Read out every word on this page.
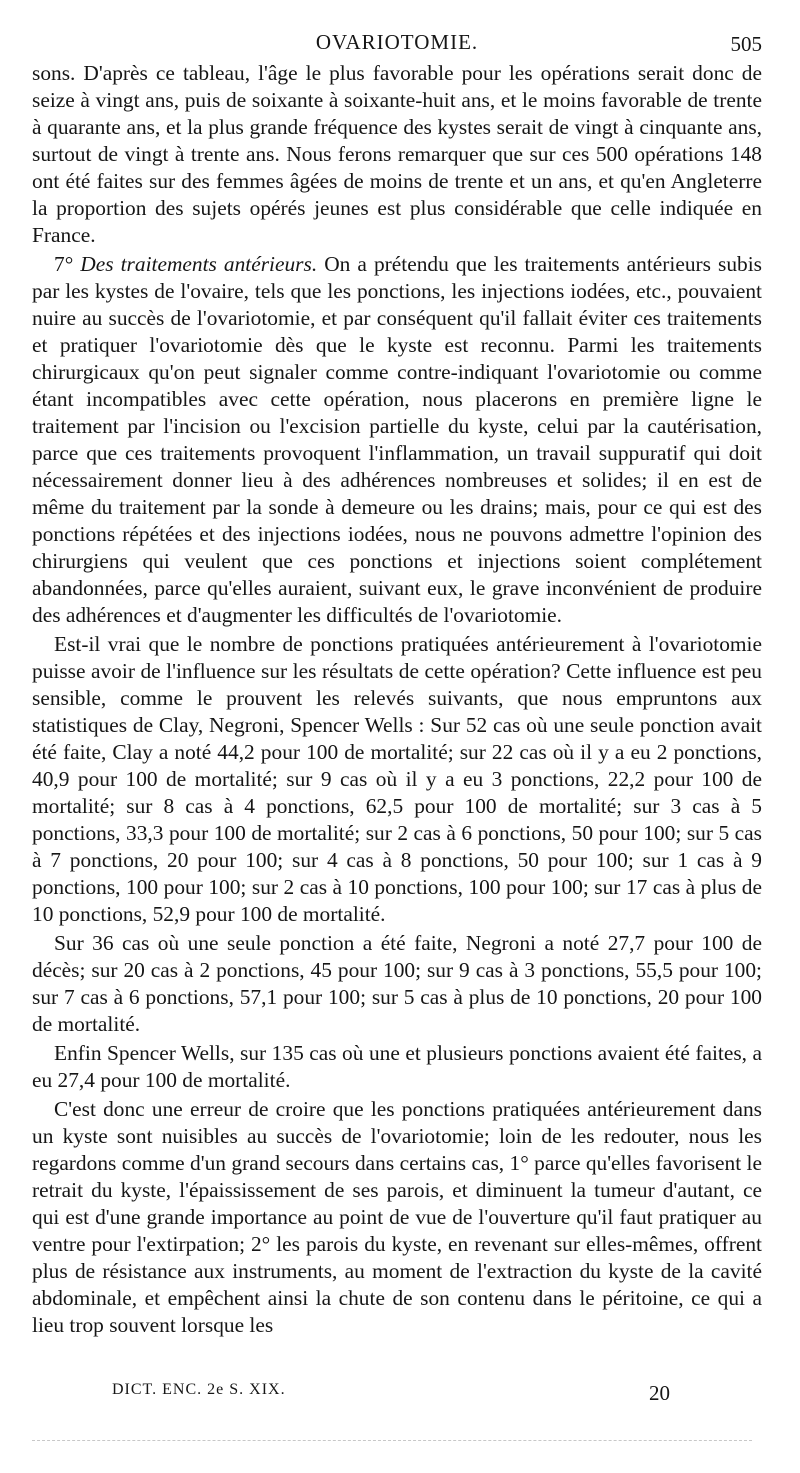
OVARIOTOMIE.	505

sons. D'après ce tableau, l'âge le plus favorable pour les opérations serait donc de seize à vingt ans, puis de soixante à soixante-huit ans, et le moins favorable de trente à quarante ans, et la plus grande fréquence des kystes serait de vingt à cinquante ans, surtout de vingt à trente ans. Nous ferons remarquer que sur ces 500 opérations 148 ont été faites sur des femmes âgées de moins de trente et un ans, et qu'en Angleterre la proportion des sujets opérés jeunes est plus considérable que celle indiquée en France.

7° Des traitements antérieurs. On a prétendu que les traitements antérieurs subis par les kystes de l'ovaire, tels que les ponctions, les injections iodées, etc., pouvaient nuire au succès de l'ovariotomie, et par conséquent qu'il fallait éviter ces traitements et pratiquer l'ovariotomie dès que le kyste est reconnu. Parmi les traitements chirurgicaux qu'on peut signaler comme contre-indiquant l'ovariotomie ou comme étant incompatibles avec cette opération, nous placerons en première ligne le traitement par l'incision ou l'excision partielle du kyste, celui par la cautérisation, parce que ces traitements provoquent l'inflammation, un travail suppuratif qui doit nécessairement donner lieu à des adhérences nombreuses et solides; il en est de même du traitement par la sonde à demeure ou les drains; mais, pour ce qui est des ponctions répétées et des injections iodées, nous ne pouvons admettre l'opinion des chirurgiens qui veulent que ces ponctions et injections soient complétement abandonnées, parce qu'elles auraient, suivant eux, le grave inconvénient de produire des adhérences et d'augmenter les difficultés de l'ovariotomie.

Est-il vrai que le nombre de ponctions pratiquées antérieurement à l'ovariotomie puisse avoir de l'influence sur les résultats de cette opération? Cette influence est peu sensible, comme le prouvent les relevés suivants, que nous empruntons aux statistiques de Clay, Negroni, Spencer Wells : Sur 52 cas où une seule ponction avait été faite, Clay a noté 44,2 pour 100 de mortalité; sur 22 cas où il y a eu 2 ponctions, 40,9 pour 100 de mortalité; sur 9 cas où il y a eu 3 ponctions, 22,2 pour 100 de mortalité; sur 8 cas à 4 ponctions, 62,5 pour 100 de mortalité; sur 3 cas à 5 ponctions, 33,3 pour 100 de mortalité; sur 2 cas à 6 ponctions, 50 pour 100; sur 5 cas à 7 ponctions, 20 pour 100; sur 4 cas à 8 ponctions, 50 pour 100; sur 1 cas à 9 ponctions, 100 pour 100; sur 2 cas à 10 ponctions, 100 pour 100; sur 17 cas à plus de 10 ponctions, 52,9 pour 100 de mortalité.

Sur 36 cas où une seule ponction a été faite, Negroni a noté 27,7 pour 100 de décès; sur 20 cas à 2 ponctions, 45 pour 100; sur 9 cas à 3 ponctions, 55,5 pour 100; sur 7 cas à 6 ponctions, 57,1 pour 100; sur 5 cas à plus de 10 ponctions, 20 pour 100 de mortalité.

Enfin Spencer Wells, sur 135 cas où une et plusieurs ponctions avaient été faites, a eu 27,4 pour 100 de mortalité.

C'est donc une erreur de croire que les ponctions pratiquées antérieurement dans un kyste sont nuisibles au succès de l'ovariotomie; loin de les redouter, nous les regardons comme d'un grand secours dans certains cas, 1° parce qu'elles favorisent le retrait du kyste, l'épaississement de ses parois, et diminuent la tumeur d'autant, ce qui est d'une grande importance au point de vue de l'ouverture qu'il faut pratiquer au ventre pour l'extirpation; 2° les parois du kyste, en revenant sur elles-mêmes, offrent plus de résistance aux instruments, au moment de l'extraction du kyste de la cavité abdominale, et empêchent ainsi la chute de son contenu dans le péritoine, ce qui a lieu trop souvent lorsque les

DICT. ENC. 2e S. XIX.	20
